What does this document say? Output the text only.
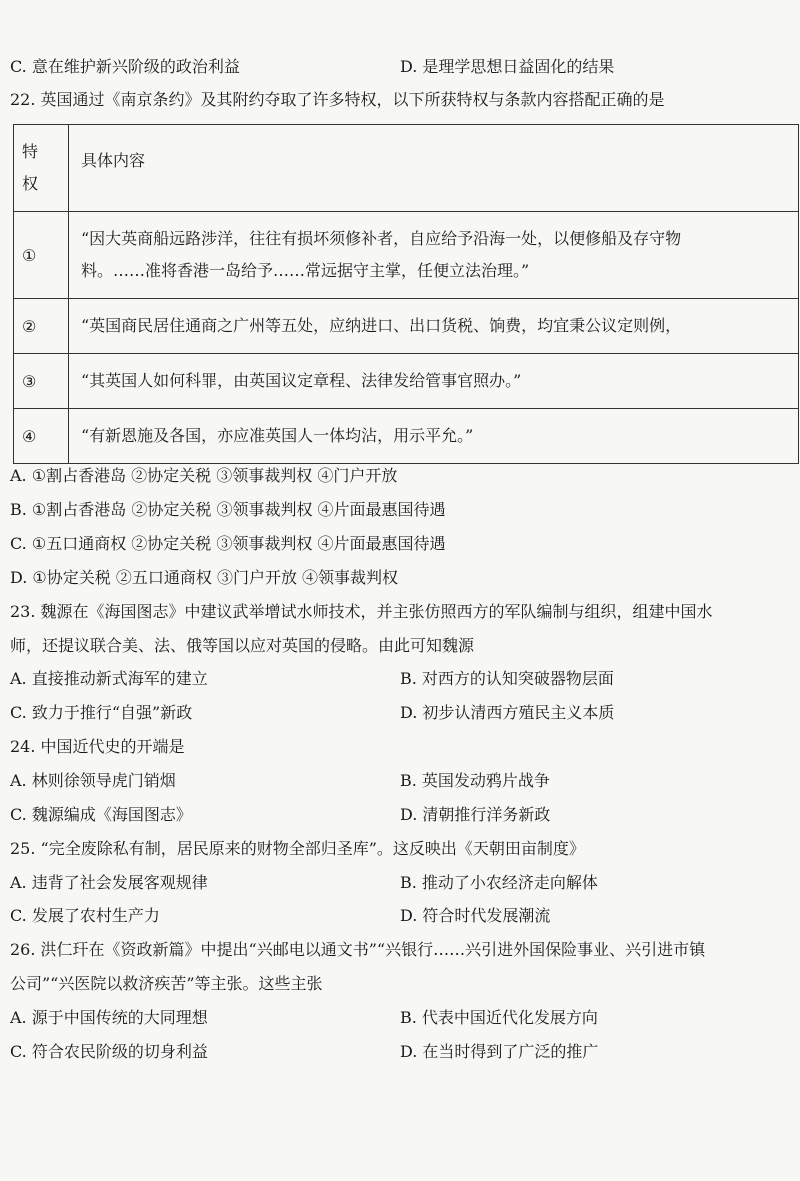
C. 意在维护新兴阶级的政治利益	D. 是理学思想日益固化的结果
22. 英国通过《南京条约》及其附约夺取了许多特权，以下所获特权与条款内容搭配正确的是
特
权	具体内容
①	“因大英商船远路涉洋，往往有损坏须修补者，自应给予沿海一处，以便修船及存守物
料。……准将香港一岛给予……常远据守主掌，任便立法治理。”

②	“英国商民居住通商之广州等五处，应纳进口、出口货税、饷费，均宜秉公议定则例，
③	“其英国人如何科罪，由英国议定章程、法律发给管事官照办。”
④	“有新恩施及各国，亦应准英国人一体均沾，用示平允。”
A. ①割占香港岛 ②协定关税 ③领事裁判权 ④门户开放
B. ①割占香港岛 ②协定关税 ③领事裁判权 ④片面最惠国待遇
C. ①五口通商权 ②协定关税 ③领事裁判权 ④片面最惠国待遇
D. ①协定关税 ②五口通商权 ③门户开放 ④领事裁判权
23. 魏源在《海国图志》中建议武举增试水师技术，并主张仿照西方的军队编制与组织，组建中国水
师，还提议联合美、法、俄等国以应对英国的侵略。由此可知魏源
A. 直接推动新式海军的建立	B. 对西方的认知突破器物层面
C. 致力于推行“自强”新政	D. 初步认清西方殖民主义本质
24. 中国近代史的开端是
A. 林则徐领导虎门销烟	B. 英国发动鸦片战争
C. 魏源编成《海国图志》	D. 清朝推行洋务新政
25. “完全废除私有制，居民原来的财物全部归圣库”。这反映出《天朝田亩制度》
A. 违背了社会发展客观规律	B. 推动了小农经济走向解体
C. 发展了农村生产力	D. 符合时代发展潮流
26. 洪仁玕在《资政新篇》中提出“兴邮电以通文书”“兴银行……兴引进外国保险事业、兴引进市镇
公司”“兴医院以救济疾苦”等主张。这些主张
A. 源于中国传统的大同理想	B. 代表中国近代化发展方向
C. 符合农民阶级的切身利益	D. 在当时得到了广泛的推广
